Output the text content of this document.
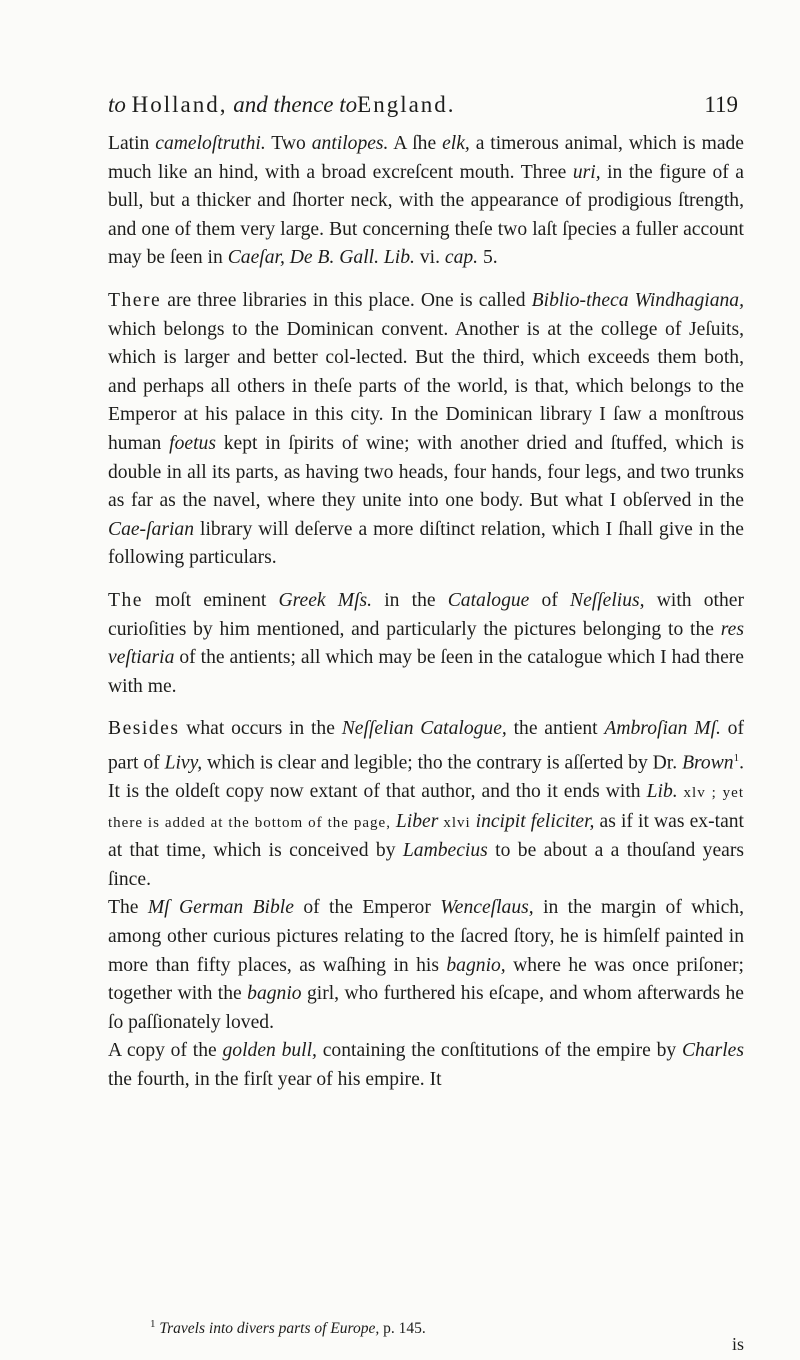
to Holland, and thence toEngland.	119

Latin cameloſtruthi. Two antilopes. A ſhe elk, a timerous animal, which is made much like an hind, with a broad excreſcent mouth. Three uri, in the figure of a bull, but a thicker and ſhorter neck, with the appearance of prodigious ſtrength, and one of them very large. But concerning theſe two laſt ſpecies a fuller account may be ſeen in Caeſar, De B. Gall. Lib. vi. cap. 5.

There are three libraries in this place. One is called Biblio-theca Windhagiana, which belongs to the Dominican convent. Another is at the college of Jeſuits, which is larger and better col-lected. But the third, which exceeds them both, and perhaps all others in theſe parts of the world, is that, which belongs to the Emperor at his palace in this city. In the Dominican library I ſaw a monſtrous human foetus kept in ſpirits of wine; with another dried and ſtuffed, which is double in all its parts, as having two heads, four hands, four legs, and two trunks as far as the navel, where they unite into one body. But what I obſerved in the Cae-ſarian library will deſerve a more diſtinct relation, which I ſhall give in the following particulars.

The moſt eminent Greek Mſs. in the Catalogue of Neſſelius, with other curioſities by him mentioned, and particularly the pictures belonging to the res veſtiaria of the antients; all which may be ſeen in the catalogue which I had there with me.

Besides what occurs in the Neſſelian Catalogue, the antient Ambroſian Mſ. of part of Livy, which is clear and legible; tho the contrary is aſſerted by Dr. Brown$^1$. It is the oldeſt copy now extant of that author, and tho it ends with Lib. xlv ; yet there is added at the bottom of the page, Liber xlvi incipit feliciter, as if it was ex-tant at that time, which is conceived by Lambecius to be about a a thouſand years ſince.

The Mſ German Bible of the Emperor Wenceſlaus, in the margin of which, among other curious pictures relating to the ſacred ſtory, he is himſelf painted in more than fifty places, as waſhing in his bagnio, where he was once priſoner; together with the bagnio girl, who furthered his eſcape, and whom afterwards he ſo paſſionately loved.

A copy of the golden bull, containing the conſtitutions of the empire by Charles the fourth, in the firſt year of his empire. It

$^1$ Travels into divers parts of Europe, p. 145.
is
